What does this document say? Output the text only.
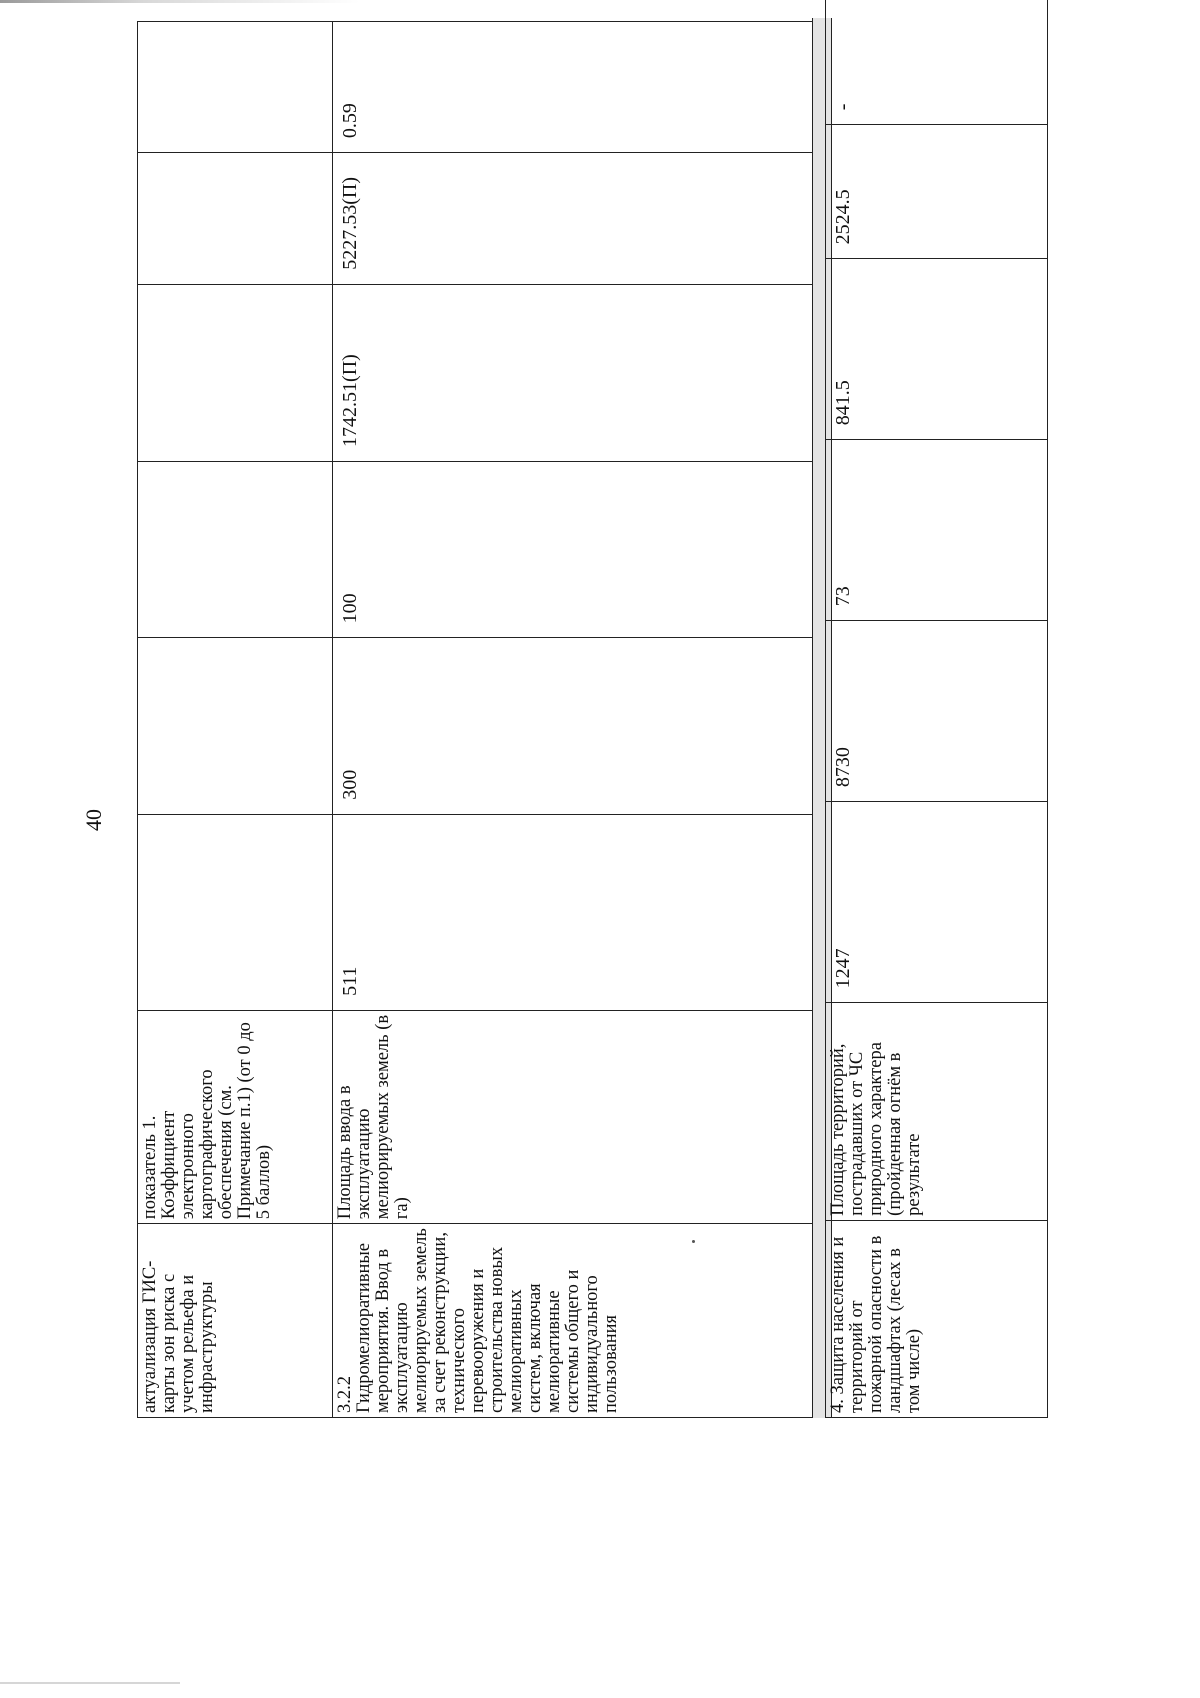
40
актуализация ГИС-карты зон риска с учетом рельефа и инфраструктуры	показатель 1. Коэффициент электронного картографического обеспечения (см. Примечание п.1) (от 0 до 5 баллов)						
3.2.2 Гидромелиоративные мероприятия. Ввод в эксплуатацию мелиорируемых земель за счет реконструкции, технического перевооружения и строительства новых мелиоративных систем, включая мелиоративные системы общего и индивидуального пользования	Площадь ввода в эксплуатацию мелиорируемых земель (в га)	511	300	100	1742.51(П)	5227.53(П)	0.59
4. Защита населения и территорий от пожарной опасности в ландшафтах (лесах в том числе)	Площадь территорий, пострадавших от ЧС природного характера (пройденная огнём в результате	1247	8730	73	841.5	2524.5	-
